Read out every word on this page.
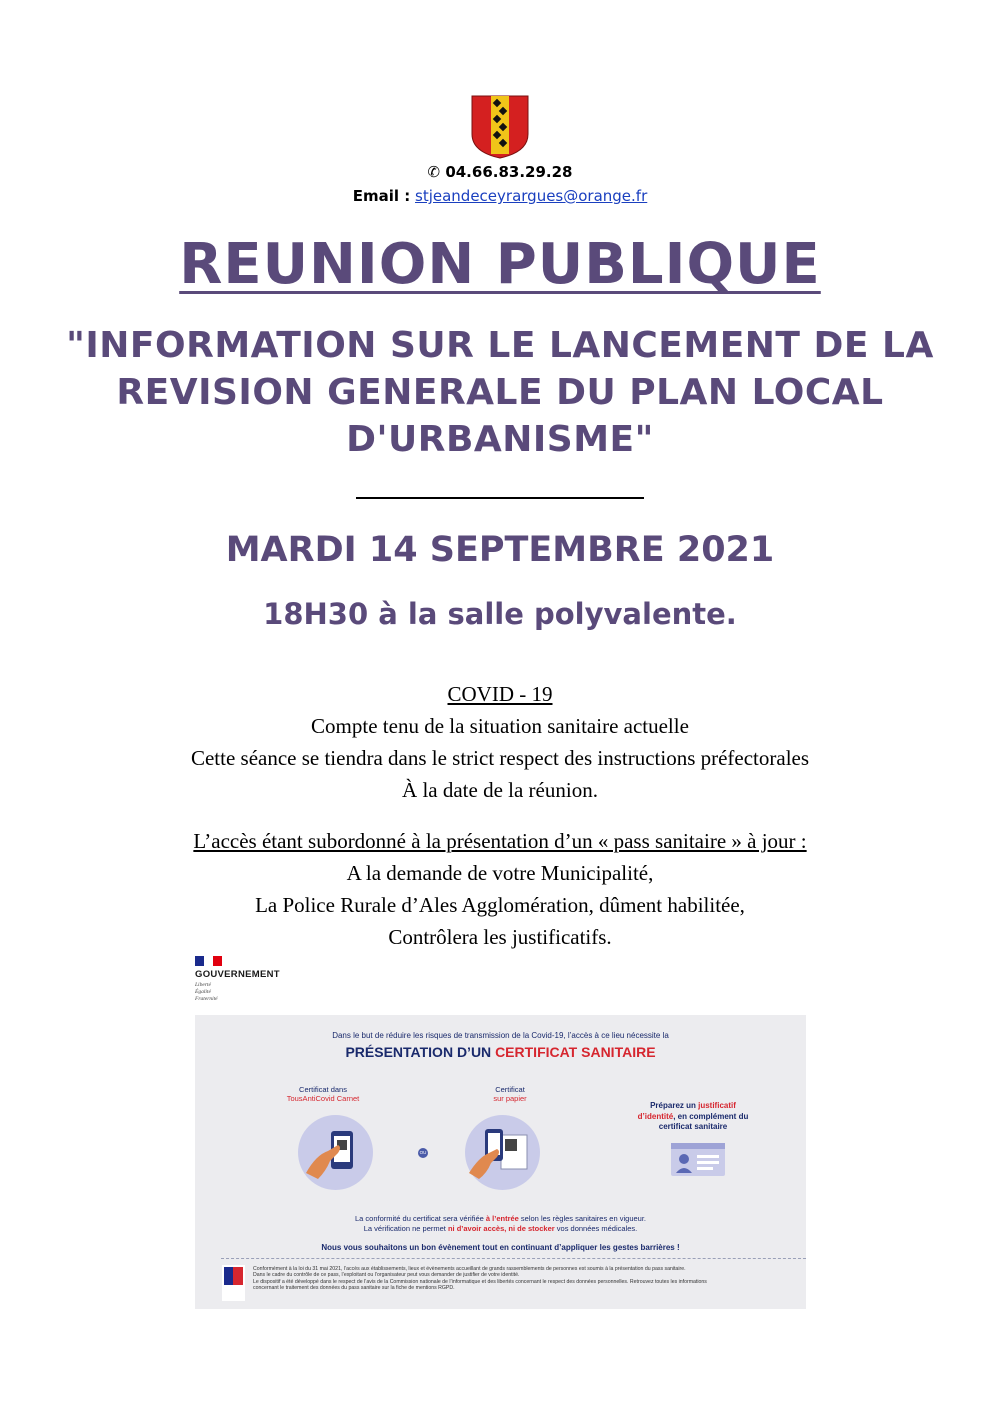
✆ 04.66.83.29.28
Email : stjeandeceyrargues@orange.fr
REUNION PUBLIQUE
"INFORMATION SUR LE LANCEMENT DE LA
REVISION GENERALE DU PLAN LOCAL
D'URBANISME"
MARDI 14 SEPTEMBRE 2021
18H30 à la salle polyvalente.
COVID - 19
Compte tenu de la situation sanitaire actuelle
Cette séance se tiendra dans le strict respect des instructions préfectorales
À la date de la réunion.
L’accès étant subordonné à la présentation d’un « pass sanitaire » à jour :
A la demande de votre Municipalité,
La Police Rurale d’Ales Agglomération, dûment habilitée,
Contrôlera les justificatifs.
GOUVERNEMENT
Liberté
Égalité
Fraternité
Dans le but de réduire les risques de transmission de la Covid-19, l’accès à ce lieu nécessite la
PRÉSENTATION D’UN CERTIFICAT SANITAIRE
Certificat dans
TousAntiCovid Carnet
OU
Certificat
sur papier
Préparez un justificatif
d’identité, en complément du
certificat sanitaire
La conformité du certificat sera vérifiée à l’entrée selon les règles sanitaires en vigueur.
La vérification ne permet ni d’avoir accès, ni de stocker vos données médicales.
Nous vous souhaitons un bon évènement tout en continuant d’appliquer les gestes barrières !
Conformément à la loi du 31 mai 2021, l’accès aux établissements, lieux et évènements accueillant de grands rassemblements de personnes est soumis à la présentation du pass sanitaire.
Dans le cadre du contrôle de ce pass, l’exploitant ou l’organisateur peut vous demander de justifier de votre identité.
Le dispositif a été développé dans le respect de l’avis de la Commission nationale de l’informatique et des libertés concernant le respect des données personnelles. Retrouvez toutes les informations
concernant le traitement des données du pass sanitaire sur la fiche de mentions RGPD.
